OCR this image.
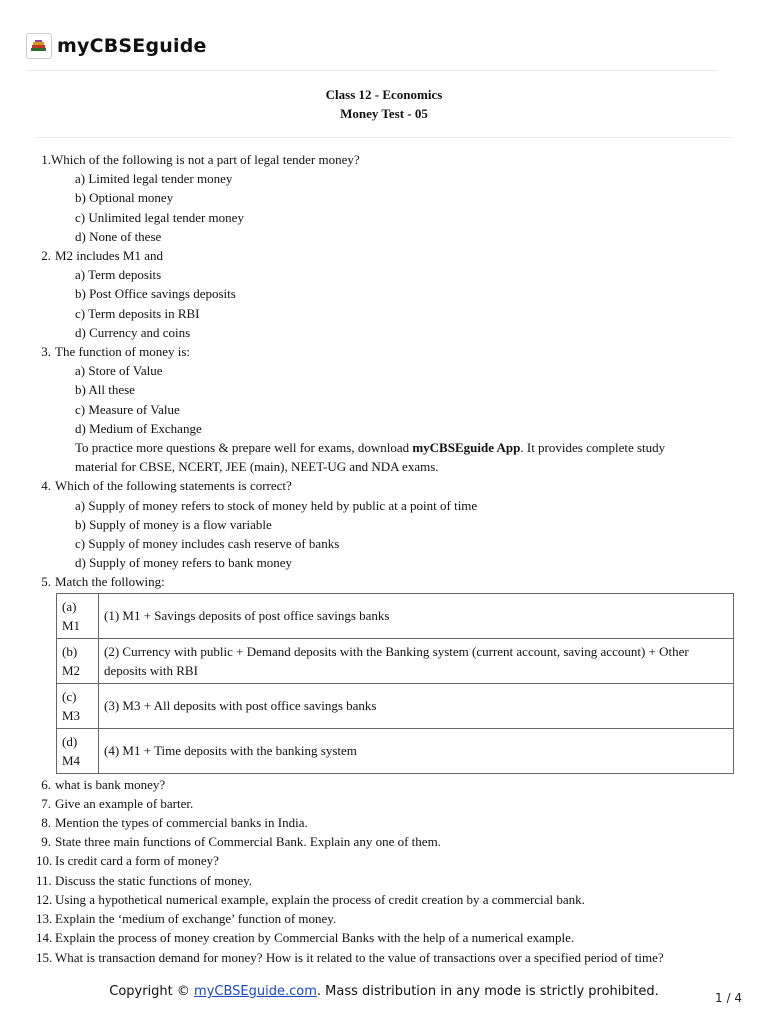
myCBSEguide
Class 12 - Economics
Money Test - 05
1. Which of the following is not a part of legal tender money?
a) Limited legal tender money
b) Optional money
c) Unlimited legal tender money
d) None of these
2. M2 includes M1 and
a) Term deposits
b) Post Office savings deposits
c) Term deposits in RBI
d) Currency and coins
3. The function of money is:
a) Store of Value
b) All these
c) Measure of Value
d) Medium of Exchange
To practice more questions & prepare well for exams, download myCBSEguide App. It provides complete study material for CBSE, NCERT, JEE (main), NEET-UG and NDA exams.
4. Which of the following statements is correct?
a) Supply of money refers to stock of money held by public at a point of time
b) Supply of money is a flow variable
c) Supply of money includes cash reserve of banks
d) Supply of money refers to bank money
5. Match the following:
(a) M1	(1) M1 + Savings deposits of post office savings banks
(b) M2	(2) Currency with public + Demand deposits with the Banking system (current account, saving account) + Other deposits with RBI
(c) M3	(3) M3 + All deposits with post office savings banks
(d) M4	(4) M1 + Time deposits with the banking system
6. what is bank money?
7. Give an example of barter.
8. Mention the types of commercial banks in India.
9. State three main functions of Commercial Bank. Explain any one of them.
10. Is credit card a form of money?
11. Discuss the static functions of money.
12. Using a hypothetical numerical example, explain the process of credit creation by a commercial bank.
13. Explain the ‘medium of exchange’ function of money.
14. Explain the process of money creation by Commercial Banks with the help of a numerical example.
15. What is transaction demand for money? How is it related to the value of transactions over a specified period of time?
Copyright © myCBSEguide.com. Mass distribution in any mode is strictly prohibited.	1 / 4
